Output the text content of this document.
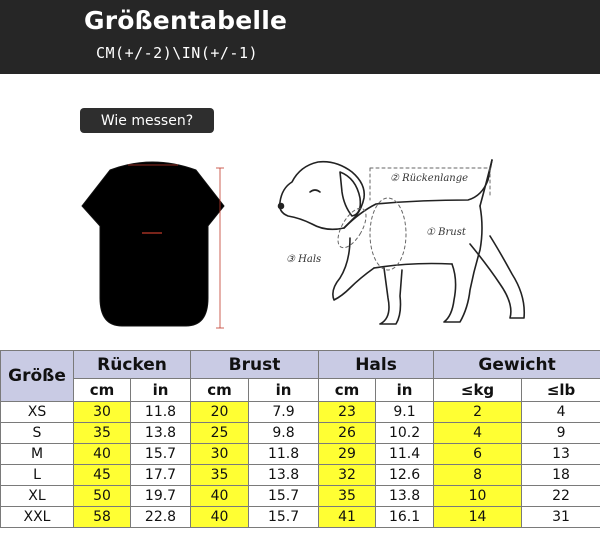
Größentabelle
CM(+/-2)\IN(+/-1)
Wie messen?
② Rückenlange
① Brust
③ Hals
Größe	Rücken		Brust		Hals		Gewicht	
	cm	in	cm	in	cm	in	≤kg	≤lb
XS	30	11.8	20	7.9	23	9.1	2	4
S	35	13.8	25	9.8	26	10.2	4	9
M	40	15.7	30	11.8	29	11.4	6	13
L	45	17.7	35	13.8	32	12.6	8	18
XL	50	19.7	40	15.7	35	13.8	10	22
XXL	58	22.8	40	15.7	41	16.1	14	31
